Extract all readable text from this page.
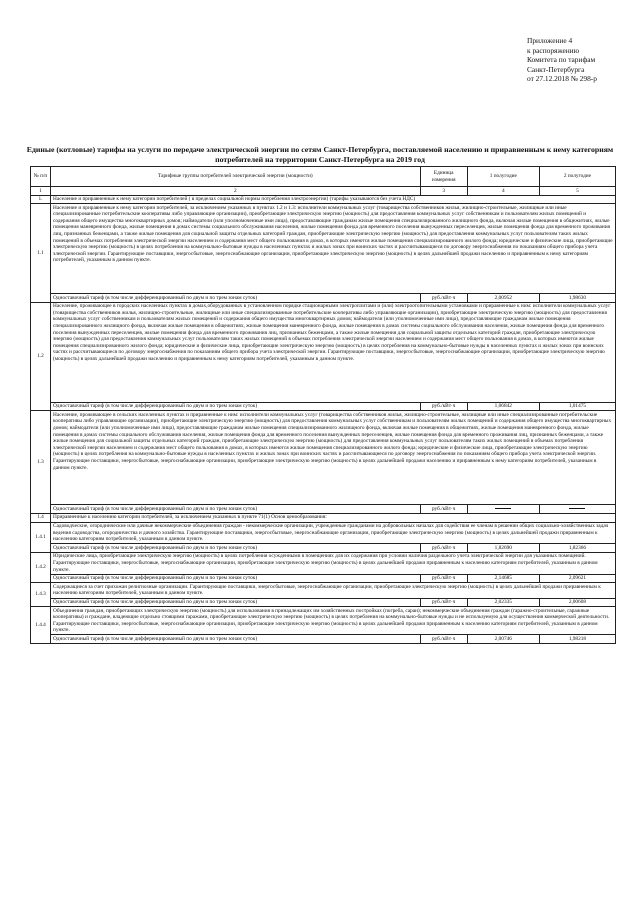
Приложение 4
к распоряжению
Комитета по тарифам
Санкт-Петербурга
от 27.12.2018 № 298-р
Единые (котловые) тарифы на услуги по передаче электрической энергии по сетям Санкт-Петербурга, поставляемой населению и приравненным к нему категориям потребителей на территории Санкт-Петербурга на 2019 год
№ п/п	Тарифные группы потребителей электрической энергии (мощности)	Единица измерения	1 полугодие	2 полугодие
1	2	3	4	5
1.	Население и приравненные к нему категории потребителей ( в пределах социальной нормы потребления электроэнергии) (тарифы указываются без учета НДС)			
1.1	Население и приравненные к нему категории потребителей, за исключением указанных в пунктах 1.2 и 1.3: исполнители коммунальных услуг (товарищества собственников жилья, жилищно-строительные, жилищные или иные специализированные потребительские кооперативы либо управляющие организации), приобретающие электрическую энергию (мощность) для предоставления коммунальных услуг собственникам и пользователям жилых помещений и содержания общего имущества многоквартирных домов; наймодатели (или уполномоченные ими лица), предоставляющие гражданам жилые помещения специализированного жилищного фонда, включая жилые помещения в общежитиях, жилые помещения маневренного фонда, жилые помещения в домах системы социального обслуживания населения, жилые помещения фонда для временного поселения вынужденных переселенцев, жилые помещения фонда для временного проживания лиц, признанных беженцами, а также жилые помещения для социальной защиты отдельных категорий граждан, приобретающие электрическую энергию (мощность) для предоставления коммунальных услуг пользователям таких жилых помещений в объемах потребления электрической энергии населением и содержания мест общего пользования в домах, в которых имеются жилые помещения специализированного жилого фонда; юридические и физические лица, приобретающие электрическую энергию (мощность) в целях потребления на коммунально-бытовые нужды в населенных пунктах и жилых зонах при воинских частях и рассчитывающиеся по договору энергоснабжения по показаниям общего прибора учета электрической энергии. Гарантирующие поставщики, энергосбытовые, энергоснабжающие организации, приобретающие электрическую энергию (мощность) в целях дальнейшей продажи населению и приравненным к нему категориям потребителей, указанным в данном пункте.			
	Одноставочный тариф (в том числе дифференцированный по двум и по трем зонам суток)	руб./кВт·ч	2,00952	1,98630
1.2	Население, проживающее в городских населенных пунктах в домах,оборудованных в установленном порядке стационарными электроплитами и (или) электроотопительными установками и приравненные к ним: исполнители коммунальных услуг (товарищества собственников жилья, жилищно-строительные, жилищные или иные специализированные потребительские кооперативы либо управляющие организации), приобретающие электрическую энергию (мощность) для предоставления коммунальных услуг собственникам и пользователям жилых помещений и содержания общего имущества многоквартирных домов; наймодатели (или уполномоченные ими лица), предоставляющие гражданам жилые помещения специализированного жилищного фонда, включая жилые помещения в общежитиях, жилые помещения маневренного фонда, жилые помещения в домах системы социального обслуживания населения, жилые помещения фонда для временного поселения вынужденных переселенцев, жилые помещения фонда для временного проживания лиц, признанных беженцами, а также жилые помещения для социальной защиты отдельных категорий граждан, приобретающие электрическую энергию (мощность) для предоставления коммунальных услуг пользователям таких жилых помещений в объемах потребления электрической энергии населением и содержания мест общего пользования в домах, в которых имеются жилые помещения специализированного жилого фонда; юридические и физические лица, приобретающие электрическую энергию (мощность) в целях потребления на коммунально-бытовые нужды в населенных пунктах и жилых зонах при воинских частях и рассчитывающиеся по договору энергоснабжения по показаниям общего прибора учета электрической энергии. Гарантирующие поставщики, энергосбытовые, энергоснабжающие организации, приобретающие электрическую энергию (мощность) в целях дальнейшей продажи населению и приравненным к нему категориям потребителей, указанным в данном пункте.			
	Одноставочный тариф (в том числе дифференцированный по двум и по трем зонам суток)	руб./кВт·ч	1,06842	1,01475
1.3	Население, проживающее в сельских населенных пунктах и приравненные к ним: исполнители коммунальных услуг (товарищества собственников жилья, жилищно-строительные, жилищные или иные специализированные потребительские кооперативы либо управляющие организации), приобретающие электрическую энергию (мощность) для предоставления коммунальных услуг собственникам и пользователям жилых помещений и содержания общего имущества многоквартирных домов; наймодатели (или уполномоченные ими лица), предоставляющие гражданам жилые помещения специализированного жилищного фонда, включая жилые помещения в общежитиях, жилые помещения маневренного фонда, жилые помещения в домах системы социального обслуживания населения, жилые помещения фонда для временного поселения вынужденных переселенцев, жилые помещения фонда для временного проживания лиц, признанных беженцами, а также жилые помещения для социальной защиты отдельных категорий граждан, приобретающие электрическую энергию (мощность) для предоставления коммунальных услуг пользователям таких жилых помещений в объемах потребления электрической энергии населением и содержания мест общего пользования в домах, в которых имеются жилые помещения специализированного жилого фонда; юридические и физические лица, приобретающие электрическую энергию (мощность) в целях потребления на коммунально-бытовые нужды в населенных пунктах и жилых зонах при воинских частях и рассчитывающиеся по договору энергоснабжения по показаниям общего прибора учета электрической энергии. Гарантирующие поставщики, энергосбытовые, энергоснабжающие организации, приобретающие электрическую энергию (мощность) в целях дальнейшей продажи населению и приравненным к нему категориям потребителей, указанным в данном пункте.			
	Одноставочный тариф (в том числе дифференцированный по двум и по трем зонам суток)	руб./кВт·ч		
1.4	Приравненные к населению категории потребителей, за исключением указанных в пункте 71(1) Основ ценообразования:			
1.4.1	Садоводческие, огороднические или дачные некоммерческие объединения граждан - некоммерческие организации, учрежденные гражданами на добровольных началах для содействия ее членам в решении общих социально-хозяйственных задач ведения садоводства, огородничества и дачного хозяйства. Гарантирующие поставщики, энергосбытовые, энергоснабжающие организации, приобретающие электрическую энергию (мощность) в целях дальнейшей продажи приравненным к населению категориям потребителей, указанным в данном пункте.			
	Одноставочный тариф (в том числе дифференцированный по двум и по трем зонам суток)	руб./кВт·ч	1,82690	1,82366
1.4.2	Юридические лица, приобретающие электрическую энергию (мощность) в целях потребления осужденными в помещениях для их содержания при условии наличия раздельного учета электрической энергии для указанных помещений. Гарантирующие поставщики, энергосбытовые, энергоснабжающие организации, приобретающие электрическую энергию (мощность) в целях дальнейшей продажи приравненным к населению категориям потребителей, указанным в данном пункте.			
	Одноставочный тариф (в том числе дифференцированный по двум и по трем зонам суток)	руб./кВт·ч	2,14685	2,09621
1.4.3	Содержащиеся за счет прихожан религиозные организации. Гарантирующие поставщики, энергосбытовые, энергоснабжающие организации, приобретающие электрическую энергию (мощность) в целях дальнейшей продажи приравненным к населению категориям потребителей, указанным в данном пункте.			
	Одноставочный тариф (в том числе дифференцированный по двум и по трем зонам суток)	руб./кВт·ч	2,02335	2,00608
1.4.4	Объединения граждан, приобретающих электрическую энергию (мощность) для использования в принадлежащих им хозяйственных постройках (погреба, сараи); некоммерческие объединения граждан (гаражно-строительные, гаражные кооперативы) и граждане, владеющие отдельно стоящими гаражами, приобретающие электрическую энергию (мощность) в целях потребления на коммунально-бытовые нужды и не используемую для осуществления коммерческой деятельности. Гарантирующие поставщики, энергосбытовые, энергоснабжающие организации, приобретающие электрическую энергию (мощность) в целях дальнейшей продажи приравненным к населению категориям потребителей, указанным в данном пункте.			
	Одноставочный тариф (в том числе дифференцированный по двум и по трем зонам суток)	руб./кВт·ч	2,00746	1,98218
